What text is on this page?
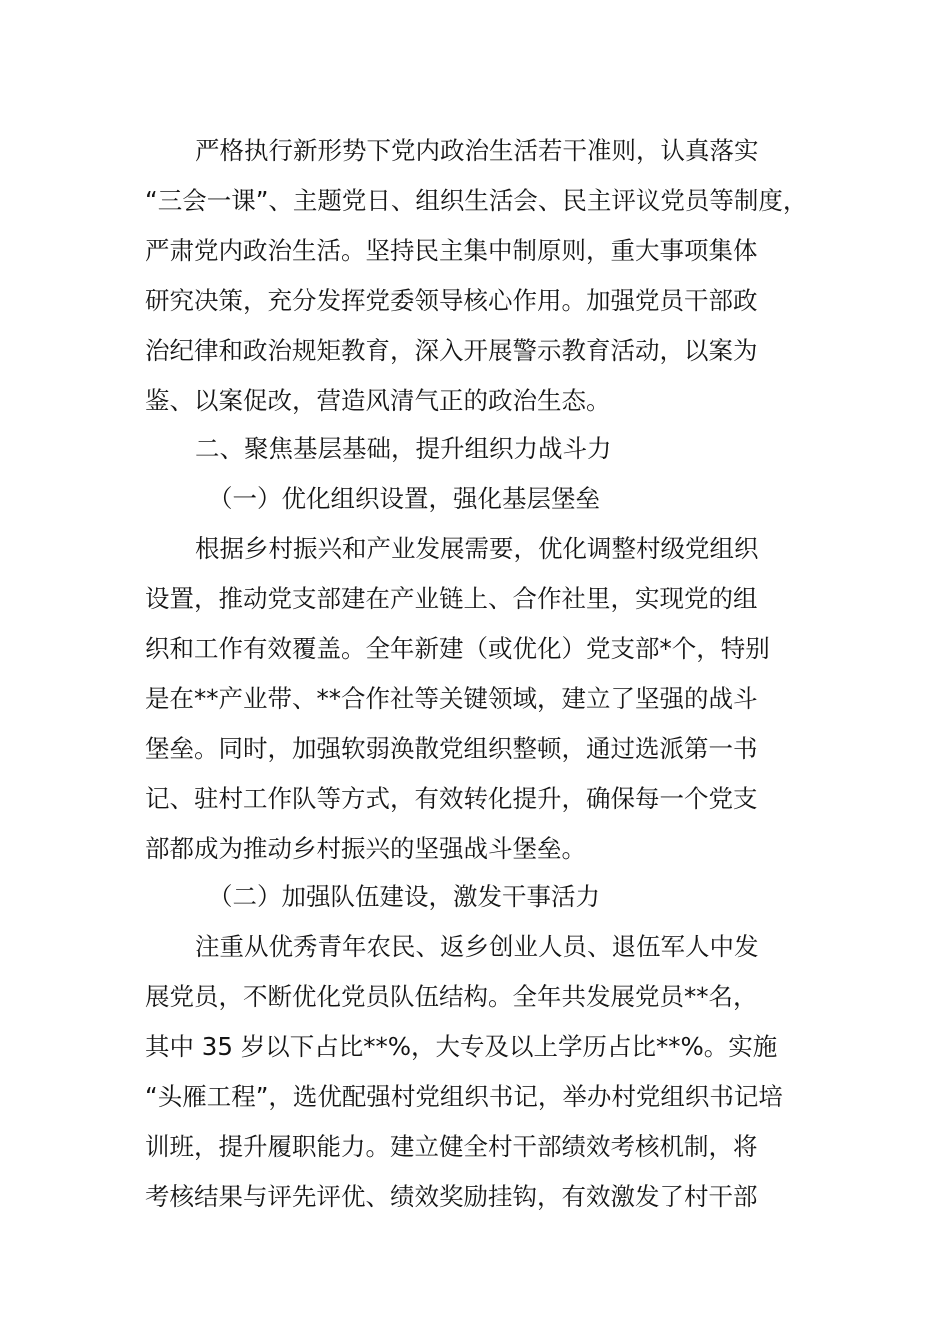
严格执行新形势下党内政治生活若干准则，认真落实
“三会一课”、主题党日、组织生活会、民主评议党员等制度，
严肃党内政治生活。坚持民主集中制原则，重大事项集体
研究决策，充分发挥党委领导核心作用。加强党员干部政
治纪律和政治规矩教育，深入开展警示教育活动，以案为
鉴、以案促改，营造风清气正的政治生态。
二、聚焦基层基础，提升组织力战斗力
（一）优化组织设置，强化基层堡垒
根据乡村振兴和产业发展需要，优化调整村级党组织
设置，推动党支部建在产业链上、合作社里，实现党的组
织和工作有效覆盖。全年新建（或优化）党支部*个，特别
是在**产业带、**合作社等关键领域，建立了坚强的战斗
堡垒。同时，加强软弱涣散党组织整顿，通过选派第一书
记、驻村工作队等方式，有效转化提升，确保每一个党支
部都成为推动乡村振兴的坚强战斗堡垒。
（二）加强队伍建设，激发干事活力
注重从优秀青年农民、返乡创业人员、退伍军人中发
展党员，不断优化党员队伍结构。全年共发展党员**名，
其中 35 岁以下占比**%，大专及以上学历占比**%。实施
“头雁工程”，选优配强村党组织书记，举办村党组织书记培
训班，提升履职能力。建立健全村干部绩效考核机制，将
考核结果与评先评优、绩效奖励挂钩，有效激发了村干部
